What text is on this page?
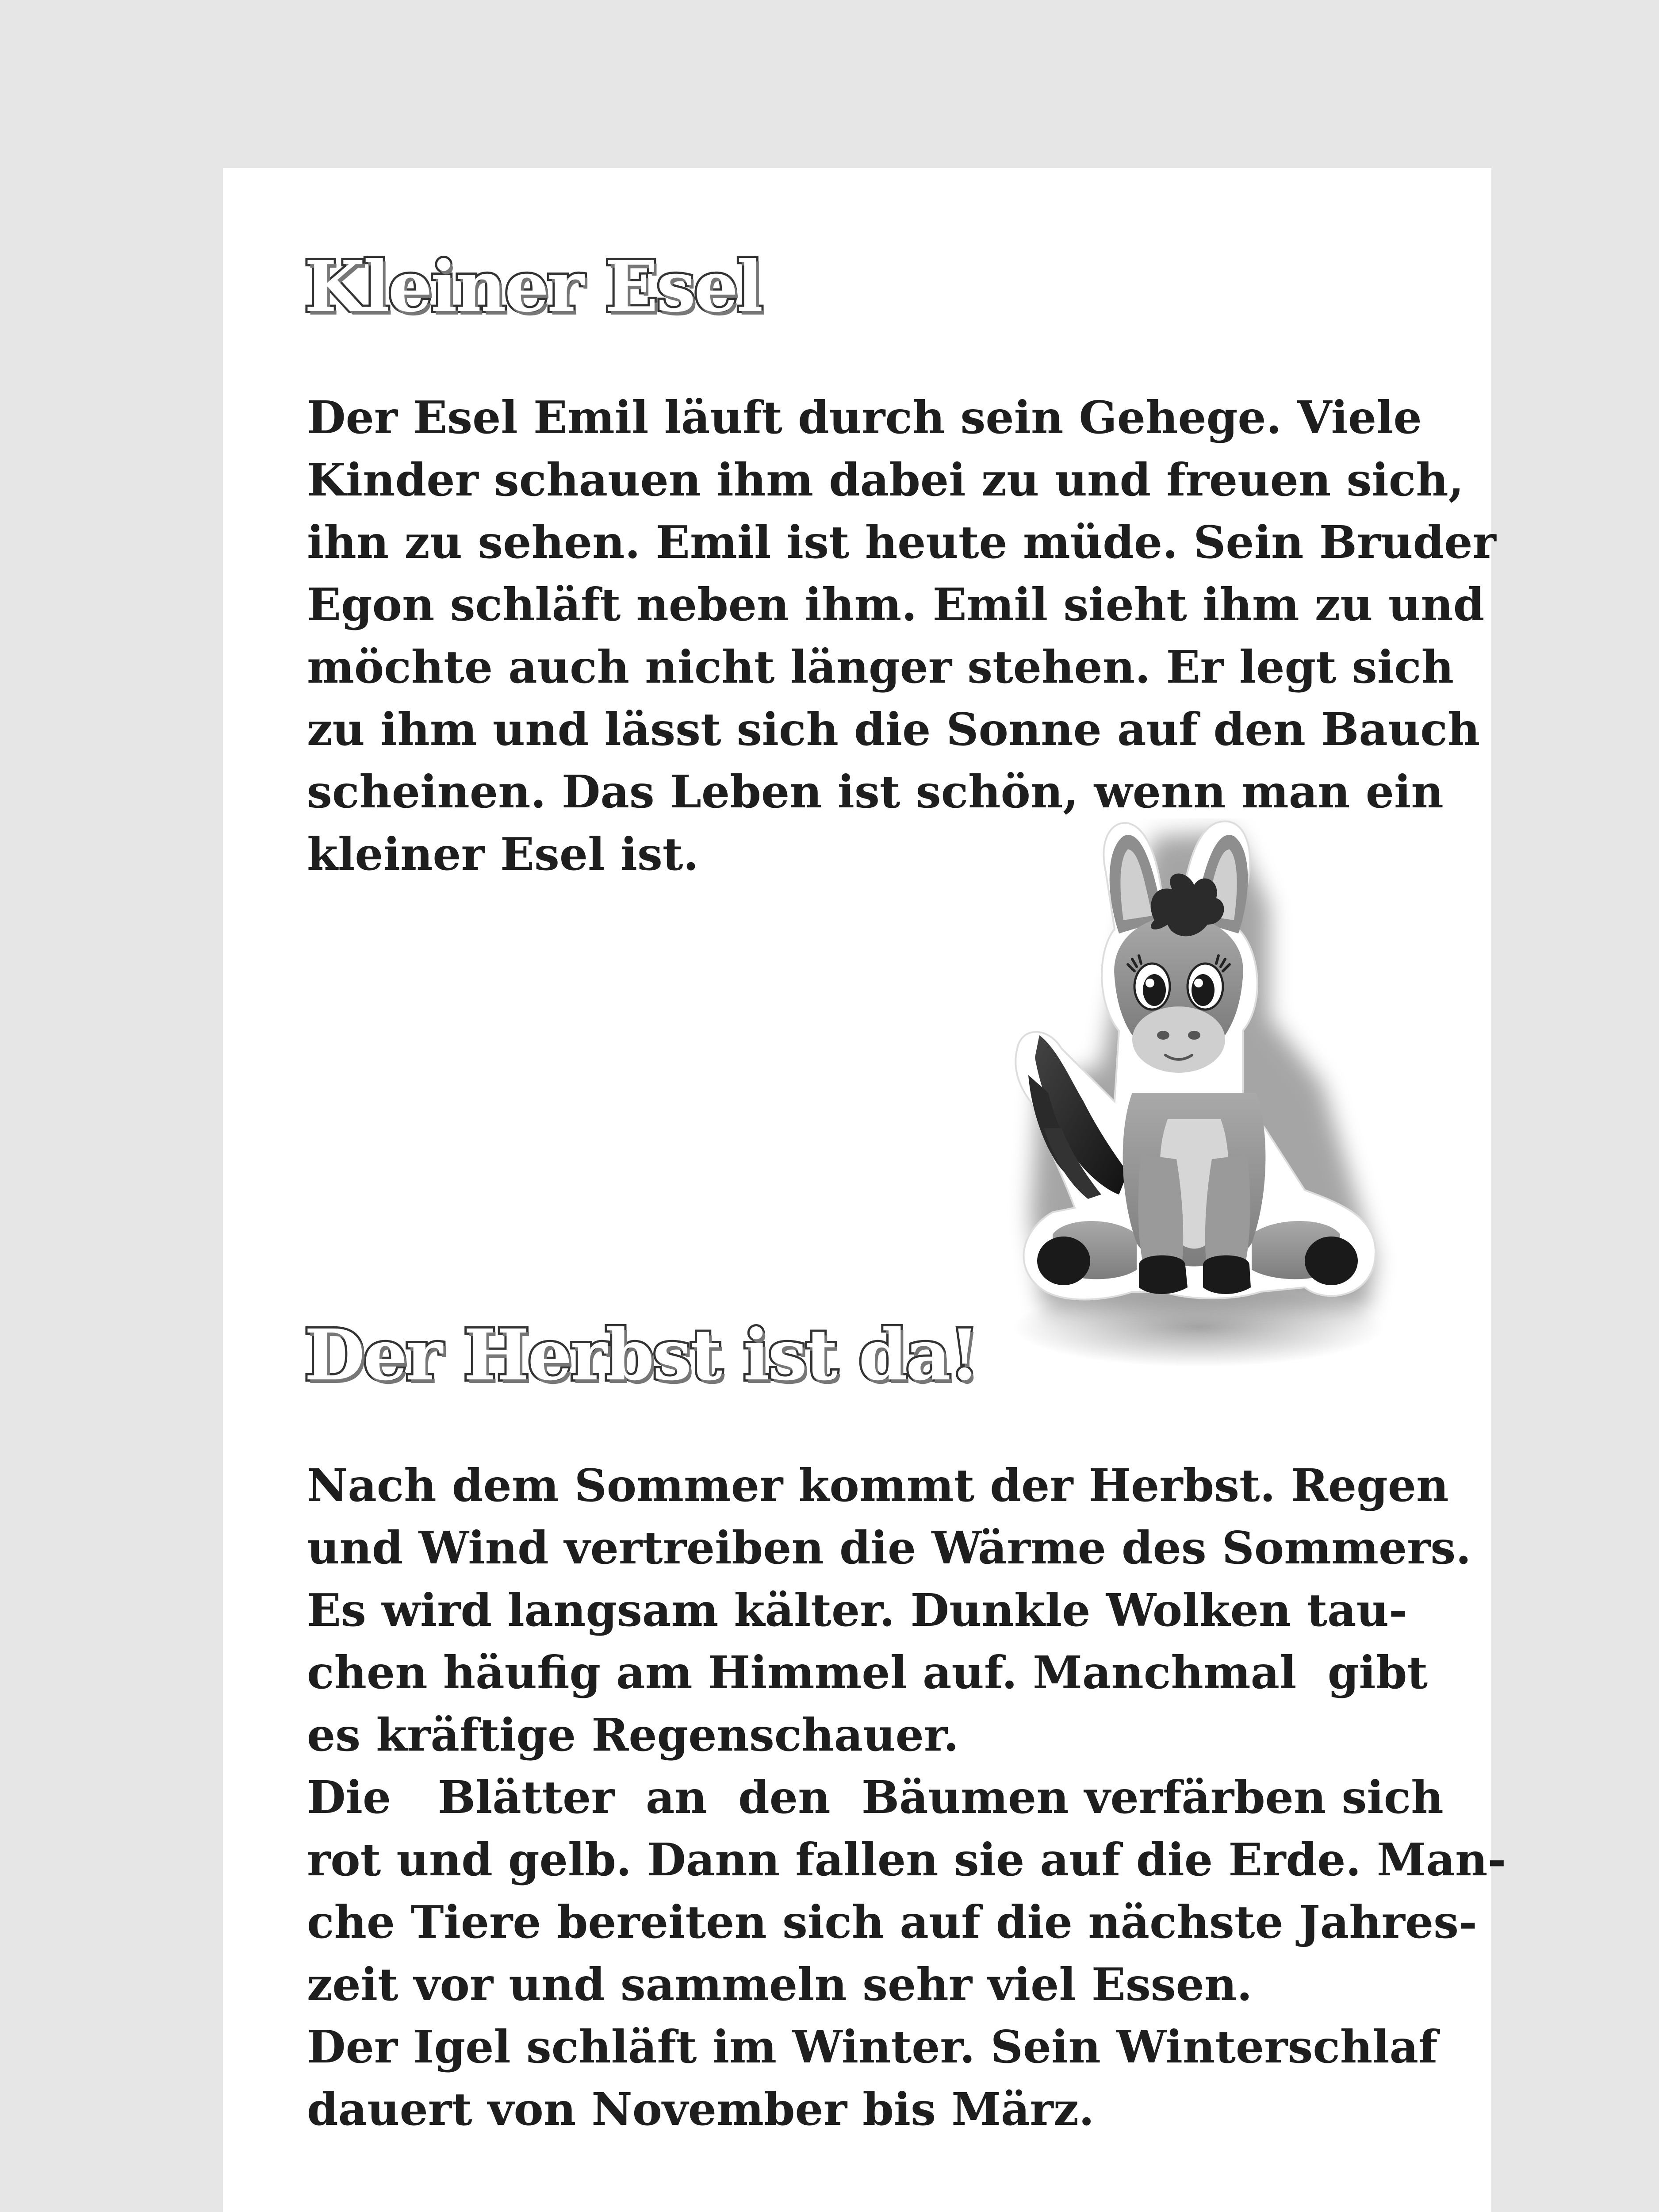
Kleiner Esel
Der Esel Emil läuft durch sein Gehege. Viele
Kinder schauen ihm dabei zu und freuen sich,
ihn zu sehen. Emil ist heute müde. Sein Bruder
Egon schläft neben ihm. Emil sieht ihm zu und
möchte auch nicht länger stehen. Er legt sich
zu ihm und lässt sich die Sonne auf den Bauch
scheinen. Das Leben ist schön, wenn man ein
kleiner Esel ist.
Der Herbst ist da!
Nach dem Sommer kommt der Herbst. Regen
und Wind vertreiben die Wärme des Sommers.
Es wird langsam kälter. Dunkle Wolken tau-
chen häufig am Himmel auf. Manchmal  gibt
es kräftige Regenschauer.
Die   Blätter  an  den  Bäumen verfärben sich
rot und gelb. Dann fallen sie auf die Erde. Man-
che Tiere bereiten sich auf die nächste Jahres-
zeit vor und sammeln sehr viel Essen.
Der Igel schläft im Winter. Sein Winterschlaf
dauert von November bis März.
